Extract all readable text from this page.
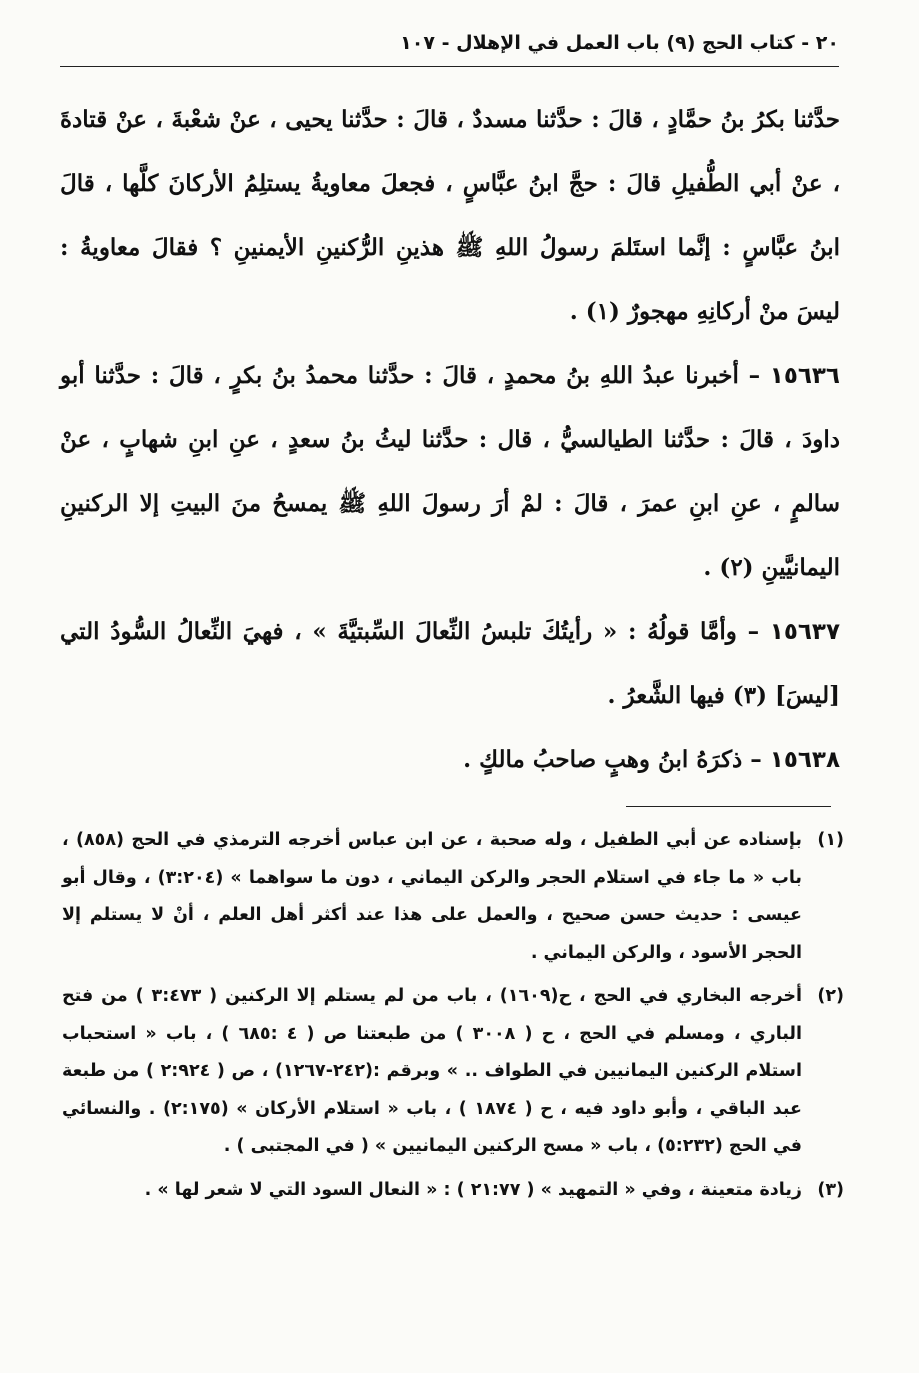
٢٠ - كتاب الحج (٩) باب العمل في الإهلال - ١٠٧

حدَّثنا بكرُ بنُ حمَّادٍ ، قالَ : حدَّثنا مسددٌ ، قالَ : حدَّثنا يحيى ، عنْ شعْبةَ ، عنْ قتادةَ ، عنْ أبي الطُّفيلِ قالَ : حجَّ ابنُ عبَّاسٍ ، فجعلَ معاويةُ يستلِمُ الأركانَ كلَّها ، قالَ ابنُ عبَّاسٍ : إنَّما استَلمَ رسولُ اللهِ ﷺ هذينِ الرُّكنينِ الأيمنينِ ؟ فقالَ معاويةُ : ليسَ منْ أركانِهِ مهجورٌ (١) .

١٥٦٣٦ – أخبرنا عبدُ اللهِ بنُ محمدٍ ، قالَ : حدَّثنا محمدُ بنُ بكرٍ ، قالَ : حدَّثنا أبو داودَ ، قالَ : حدَّثنا الطيالسيُّ ، قال : حدَّثنا ليثُ بنُ سعدٍ ، عنِ ابنِ شهابٍ ، عنْ سالمٍ ، عنِ ابنِ عمرَ ، قالَ : لمْ أرَ رسولَ اللهِ ﷺ يمسحُ منَ البيتِ إلا الركنينِ اليمانيَّينِ (٢) .

١٥٦٣٧ – وأمَّا قولُهُ : « رأيتُكَ تلبسُ النِّعالَ السِّبتيَّةَ » ، فهيَ النِّعالُ السُّودُ التي [ليسَ] (٣) فيها الشَّعرُ .

١٥٦٣٨ – ذكرَهُ ابنُ وهبٍ صاحبُ مالكٍ .

(١)
بإسناده عن أبي الطفيل ، وله صحبة ، عن ابن عباس أخرجه الترمذي في الحج (٨٥٨) ، باب « ما جاء في استلام الحجر والركن اليماني ، دون ما سواهما » (٣:٢٠٤) ، وقال أبو عيسى : حديث حسن صحيح ، والعمل على هذا عند أكثر أهل العلم ، أنْ لا يستلم إلا الحجر الأسود ، والركن اليماني .

(٢)
أخرجه البخاري في الحج ، ح(١٦٠٩) ، باب من لم يستلم إلا الركنين ( ٣:٤٧٣ ) من فتح الباري ، ومسلم في الحج ، ح ( ٣٠٠٨ ) من طبعتنا ص ( ٤ :٦٨٥ ) ، باب « استحباب استلام الركنين اليمانيين في الطواف .. » وبرقم :(٢٤٢-١٢٦٧) ، ص ( ٢:٩٢٤ ) من طبعة عبد الباقي ، وأبو داود فيه ، ح ( ١٨٧٤ ) ، باب « استلام الأركان » (٢:١٧٥) . والنسائي في الحج (٥:٢٣٢) ، باب « مسح الركنين اليمانيين » ( في المجتبى ) .

(٣)
زيادة متعينة ، وفي « التمهيد » ( ٢١:٧٧ ) : « النعال السود التي لا شعر لها » .
